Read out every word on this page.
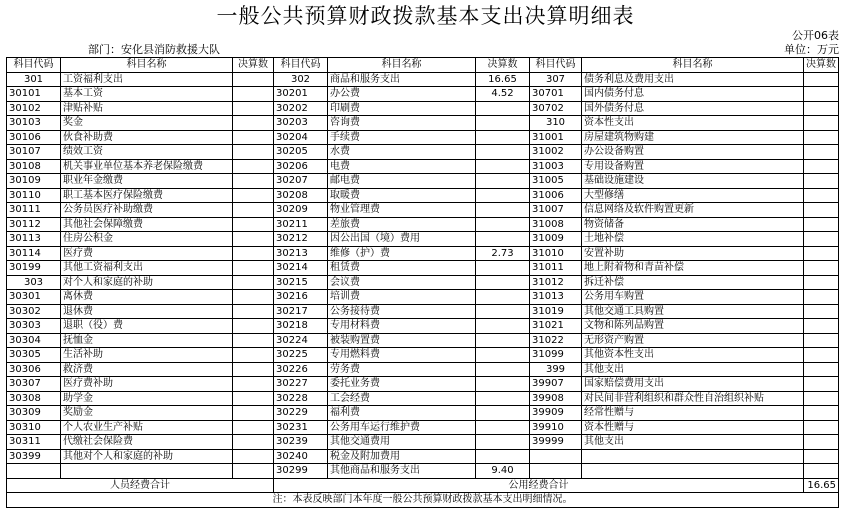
一般公共预算财政拨款基本支出决算明细表
公开06表
部门：安化县消防救援大队	单位：万元
科目代码	科目名称	决算数	科目代码	科目名称	决算数	科目代码	科目名称	决算数
301	工资福利支出		302	商品和服务支出	16.65	307	债务利息及费用支出	
30101	基本工资		30201	办公费	4.52	30701	国内债务付息	
30102	津贴补贴		30202	印刷费		30702	国外债务付息	
30103	奖金		30203	咨询费		310	资本性支出	
30106	伙食补助费		30204	手续费		31001	房屋建筑物购建	
30107	绩效工资		30205	水费		31002	办公设备购置	
30108	机关事业单位基本养老保险缴费		30206	电费		31003	专用设备购置	
30109	职业年金缴费		30207	邮电费		31005	基础设施建设	
30110	职工基本医疗保险缴费		30208	取暖费		31006	大型修缮	
30111	公务员医疗补助缴费		30209	物业管理费		31007	信息网络及软件购置更新	
30112	其他社会保障缴费		30211	差旅费		31008	物资储备	
30113	住房公积金		30212	因公出国（境）费用		31009	土地补偿	
30114	医疗费		30213	维修（护）费	2.73	31010	安置补助	
30199	其他工资福利支出		30214	租赁费		31011	地上附着物和青苗补偿	
303	对个人和家庭的补助		30215	会议费		31012	拆迁补偿	
30301	离休费		30216	培训费		31013	公务用车购置	
30302	退休费		30217	公务接待费		31019	其他交通工具购置	
30303	退职（役）费		30218	专用材料费		31021	文物和陈列品购置	
30304	抚恤金		30224	被装购置费		31022	无形资产购置	
30305	生活补助		30225	专用燃料费		31099	其他资本性支出	
30306	救济费		30226	劳务费		399	其他支出	
30307	医疗费补助		30227	委托业务费		39907	国家赔偿费用支出	
30308	助学金		30228	工会经费		39908	对民间非营利组织和群众性自治组织补贴	
30309	奖励金		30229	福利费		39909	经常性赠与	
30310	个人农业生产补贴		30231	公务用车运行维护费		39910	资本性赠与	
30311	代缴社会保险费		30239	其他交通费用		39999	其他支出	
30399	其他对个人和家庭的补助		30240	税金及附加费用				
			30299	其他商品和服务支出	9.40			
人员经费合计			公用经费合计					16.65
注：本表反映部门本年度一般公共预算财政拨款基本支出明细情况。								
